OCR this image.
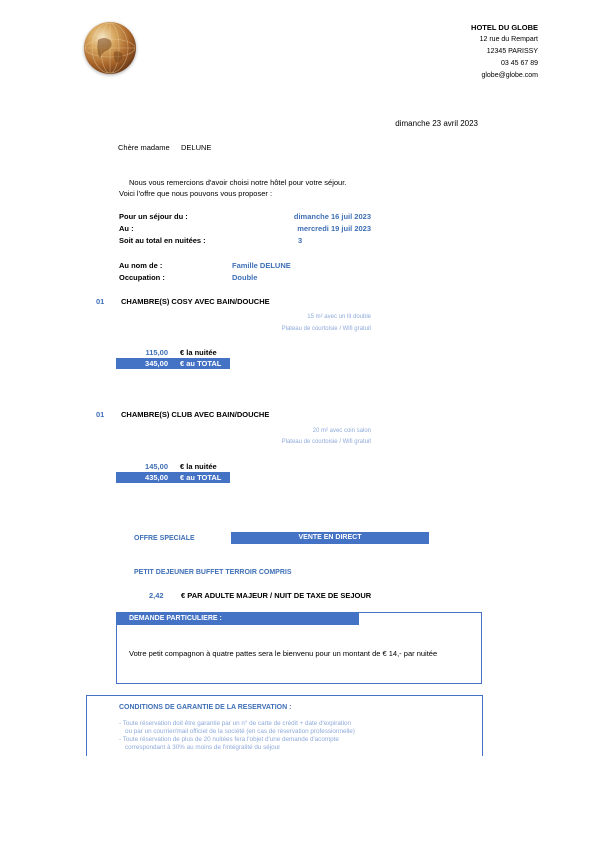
HOTEL DU GLOBE
12 rue du Rempart
12345 PARISSY
03 45 67 89
globe@globe.com
dimanche 23 avril 2023
Chère madame DELUNE
Nous vous remercions d'avoir choisi notre hôtel pour votre séjour.
Voici l'offre que nous pouvons vous proposer :
Pour un séjour du :	dimanche 16 juil 2023
Au :	mercredi 19 juil 2023
Soit au total en nuitées :	3
Au nom de :	Famille DELUNE
Occupation :	Double
01 CHAMBRE(S) COSY AVEC BAIN/DOUCHE
15 m² avec un lit double
Plateau de courtoisie / Wifi gratuit
115,00 € la nuitée
345,00 € au TOTAL
01 CHAMBRE(S) CLUB AVEC BAIN/DOUCHE
20 m² avec coin salon
Plateau de courtoisie / Wifi gratuit
145,00 € la nuitée
435,00 € au TOTAL
OFFRE SPECIALE	VENTE EN DIRECT
PETIT DEJEUNER BUFFET TERROIR COMPRIS
2,42 € PAR ADULTE MAJEUR / NUIT DE TAXE DE SEJOUR
DEMANDE PARTICULIERE :
Votre petit compagnon à quatre pattes sera le bienvenu pour un montant de € 14,- par nuitée
CONDITIONS DE GARANTIE DE LA RESERVATION :
- Toute réservation doit être garantie par un n° de carte de crédit + date d'expiration
ou par un courrier/mail officiel de la société (en cas de réservation professionnelle)
- Toute réservation de plus de 20 nuitées fera l'objet d'une demande d'acompte
correspondant à 30% au moins de l'intégralité du séjour
